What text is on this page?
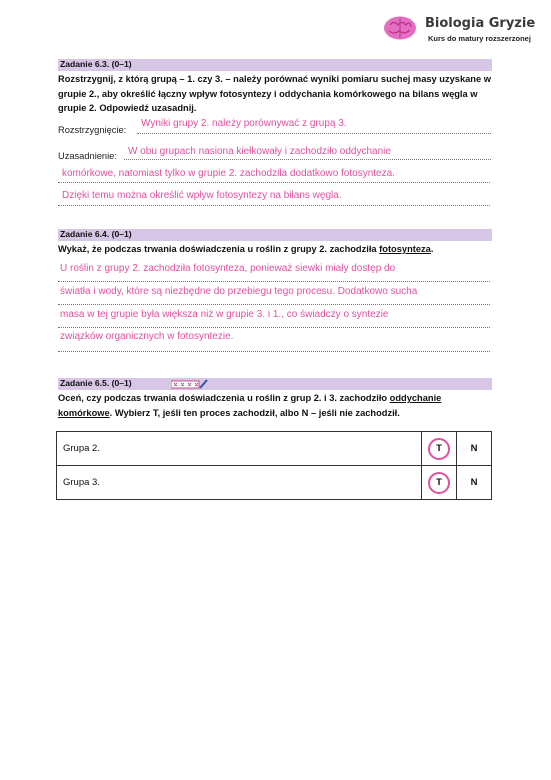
Biologia Gryzie
Kurs do matury rozszerzonej
Zadanie 6.3. (0–1)
Rozstrzygnij, z którą grupą – 1. czy 3. – należy porównać wyniki pomiaru suchej masy uzyskane w grupie 2., aby określić łączny wpływ fotosyntezy i oddychania komórkowego na bilans węgla w grupie 2. Odpowiedź uzasadnij.
Rozstrzygnięcie:
Wyniki grupy 2. należy porównywać z grupą 3.
Uzasadnienie: W obu grupach nasiona kiełkowały i zachodziło oddychanie
komórkowe, natomiast tylko w grupie 2. zachodziła dodatkowo fotosynteza.
Dzięki temu można określić wpływ fotosyntezy na bilans węgla.
Zadanie 6.4. (0–1)
Wykaż, że podczas trwania doświadczenia u roślin z grupy 2. zachodziła fotosynteza.
U roślin z grupy 2. zachodziła fotosynteza, ponieważ siewki miały dostęp do
światła i wody, które są niezbędne do przebiegu tego procesu. Dodatkowo sucha
masa w tej grupie była większa niż w grupie 3. i 1., co świadczy o syntezie
związków organicznych w fotosyntezie.
Zadanie 6.5. (0–1)
Oceń, czy podczas trwania doświadczenia u roślin z grup 2. i 3. zachodziło oddychanie
komórkowe. Wybierz T, jeśli ten proces zachodził, albo N – jeśli nie zachodził.
Grupa 2.	T	N
Grupa 3.	T	N
